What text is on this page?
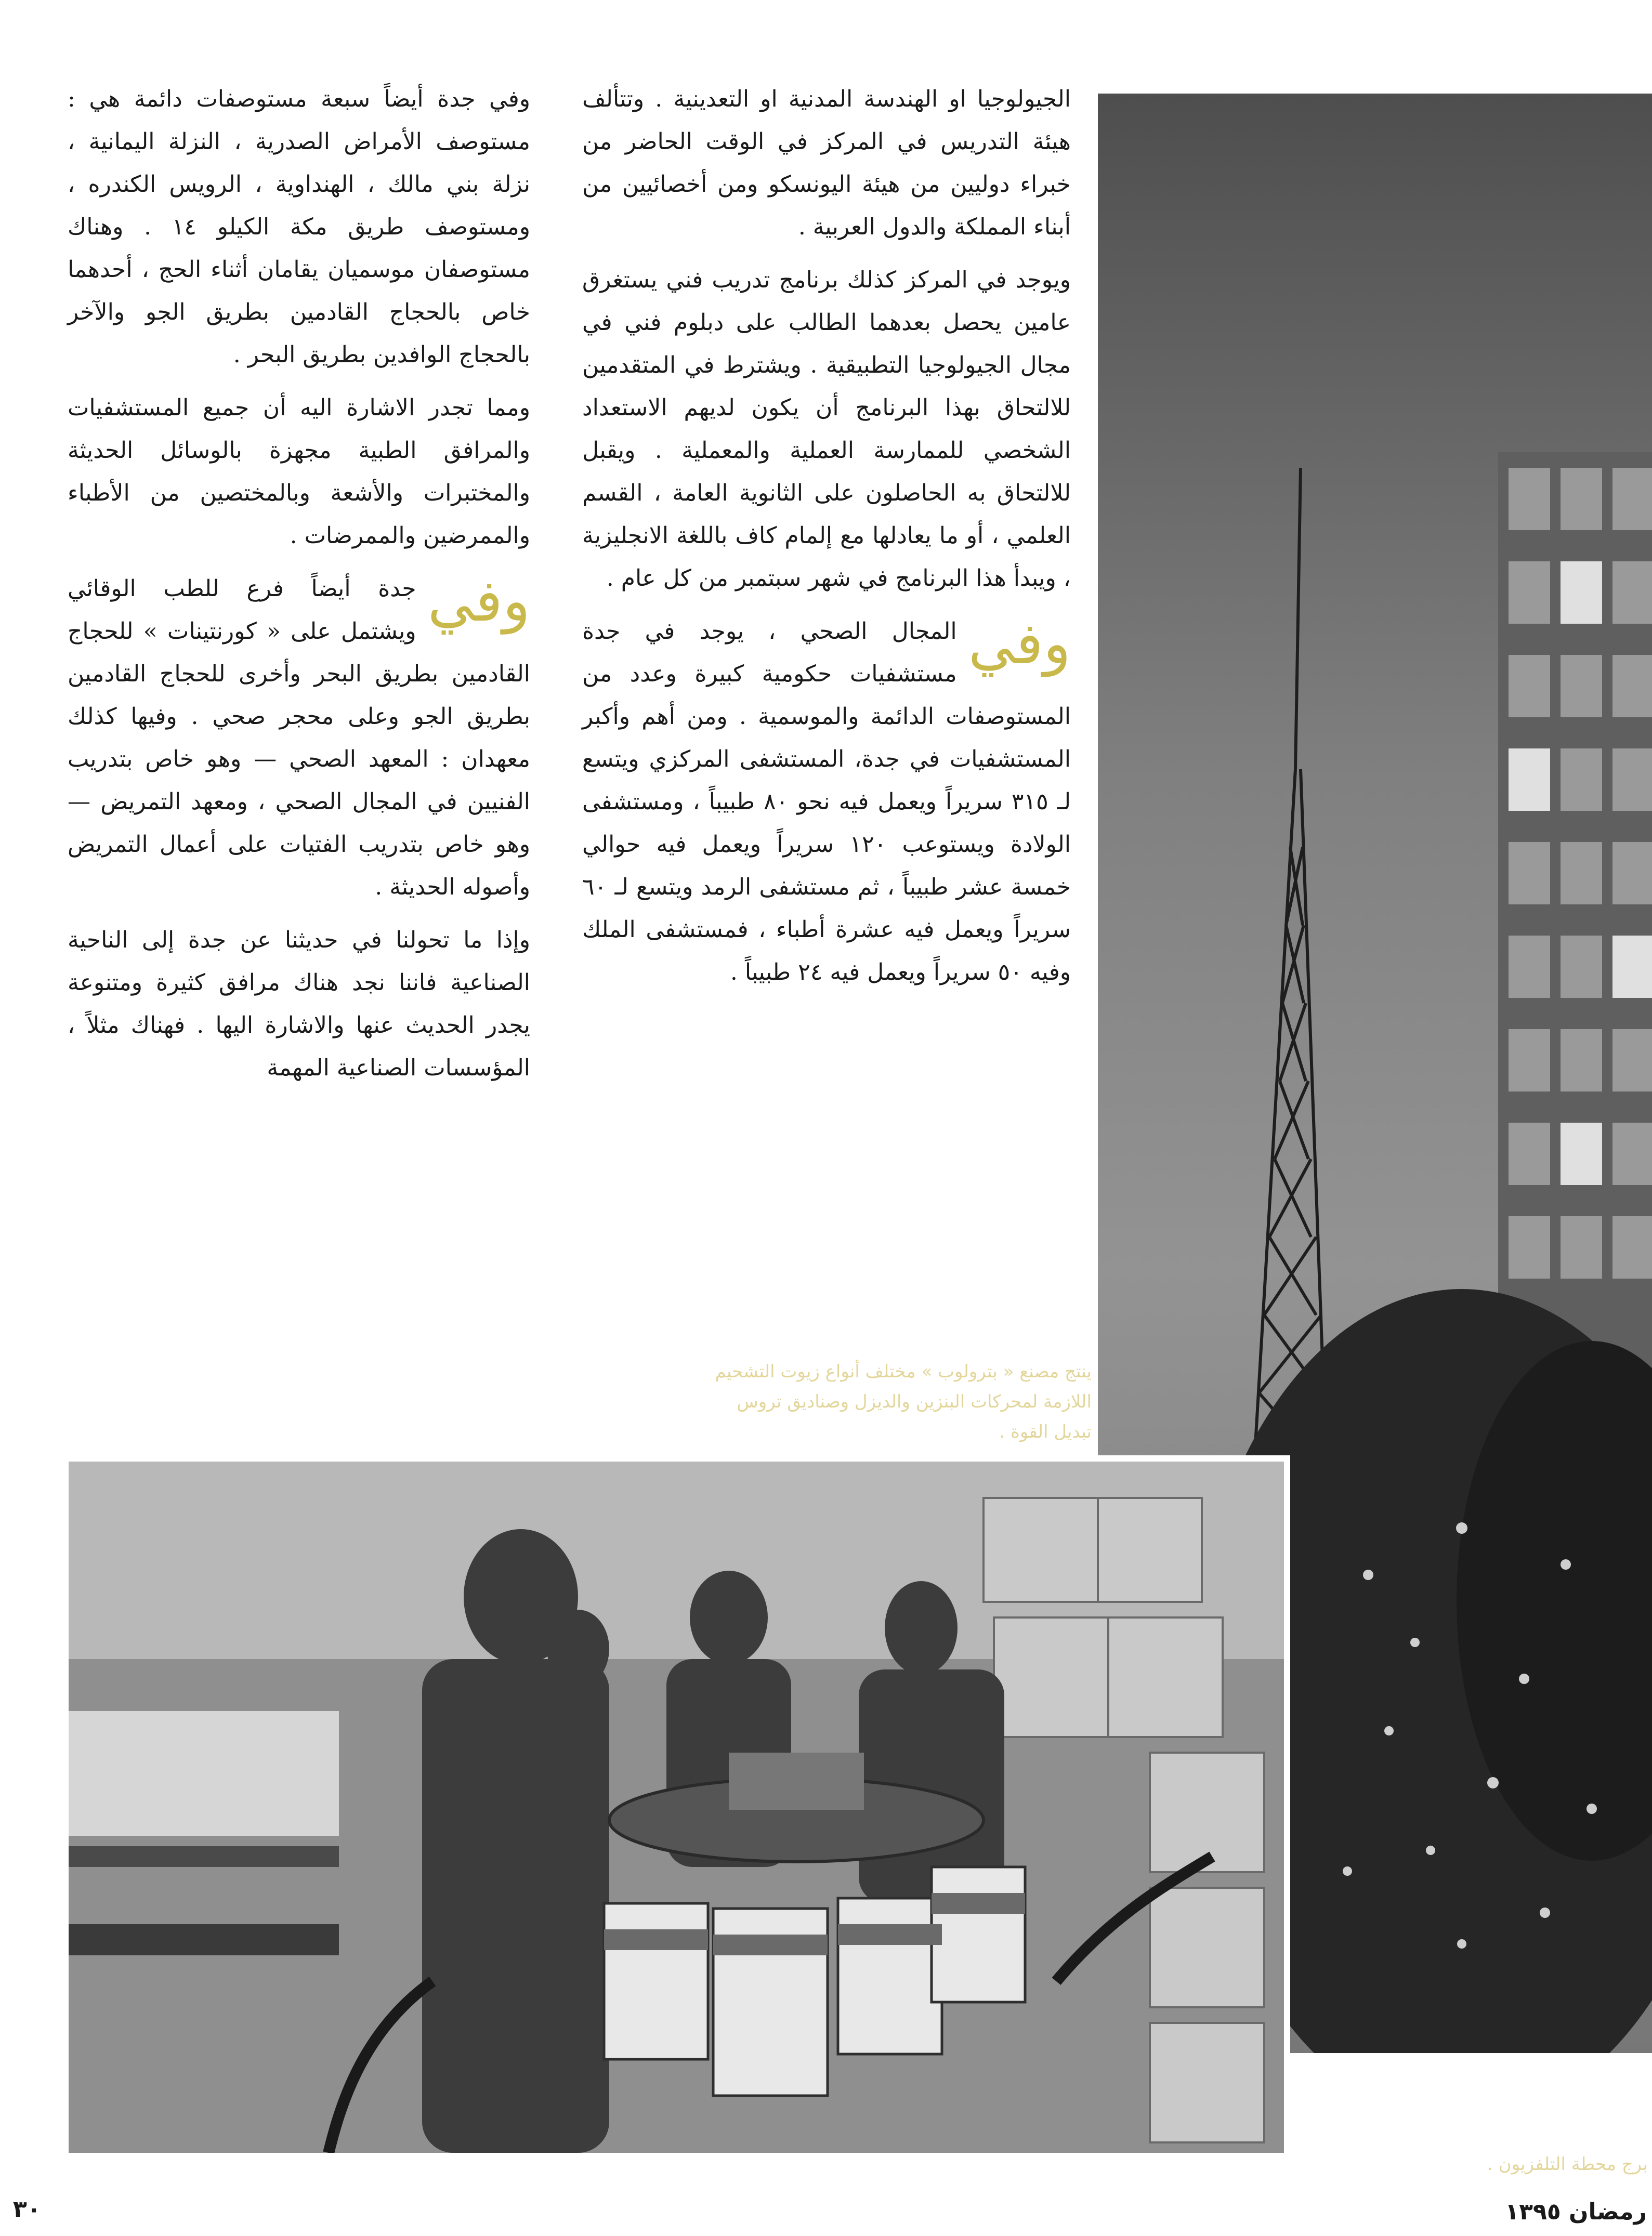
الجيولوجيا او الهندسة المدنية او التعدينية . وتتألف هيئة التدريس في المركز في الوقت الحاضر من خبراء دوليين من هيئة اليونسكو ومن أخصائيين من أبناء المملكة والدول العربية .

ويوجد في المركز كذلك برنامج تدريب فني يستغرق عامين يحصل بعدهما الطالب على دبلوم فني في مجال الجيولوجيا التطبيقية . ويشترط في المتقدمين للالتحاق بهذا البرنامج أن يكون لديهم الاستعداد الشخصي للممارسة العملية والمعملية . ويقبل للالتحاق به الحاصلون على الثانوية العامة ، القسم العلمي ، أو ما يعادلها مع إلمام كاف باللغة الانجليزية ، ويبدأ هذا البرنامج في شهر سبتمبر من كل عام .

وفي
المجال الصحي ، يوجد في جدة مستشفيات حكومية كبيرة وعدد من المستوصفات الدائمة والموسمية . ومن أهم وأكبر المستشفيات في جدة، المستشفى المركزي ويتسع لـ ٣١٥ سريراً ويعمل فيه نحو ٨٠ طبيباً ، ومستشفى الولادة ويستوعب ١٢٠ سريراً ويعمل فيه حوالي خمسة عشر طبيباً ، ثم مستشفى الرمد ويتسع لـ ٦٠ سريراً ويعمل فيه عشرة أطباء ، فمستشفى الملك وفيه ٥٠ سريراً ويعمل فيه ٢٤ طبيباً .

وفي جدة أيضاً سبعة مستوصفات دائمة هي : مستوصف الأمراض الصدرية ، النزلة اليمانية ، نزلة بني مالك ، الهنداوية ، الرويس الكندره ، ومستوصف طريق مكة الكيلو ١٤ . وهناك مستوصفان موسميان يقامان أثناء الحج ، أحدهما خاص بالحجاج القادمين بطريق الجو والآخر بالحجاج الوافدين بطريق البحر .

ومما تجدر الاشارة اليه أن جميع المستشفيات والمرافق الطبية مجهزة بالوسائل الحديثة والمختبرات والأشعة وبالمختصين من الأطباء والممرضين والممرضات .

وفي
جدة أيضاً فرع للطب الوقائي ويشتمل على « كورنتينات » للحجاج القادمين بطريق البحر وأخرى للحجاج القادمين بطريق الجو وعلى محجر صحي . وفيها كذلك معهدان : المعهد الصحي — وهو خاص بتدريب الفنيين في المجال الصحي ، ومعهد التمريض — وهو خاص بتدريب الفتيات على أعمال التمريض وأصوله الحديثة .

وإذا ما تحولنا في حديثنا عن جدة إلى الناحية الصناعية فاننا نجد هناك مرافق كثيرة ومتنوعة يجدر الحديث عنها والاشارة اليها . فهناك مثلاً ، المؤسسات الصناعية المهمة

ينتج مصنع « بترولوب » مختلف أنواع زيوت التشحيم اللازمة لمحركات البنزين والديزل وصناديق تروس تبديل القوة .
برج محطة التلفزيون .
رمضان ١٣٩٥
٣٠
